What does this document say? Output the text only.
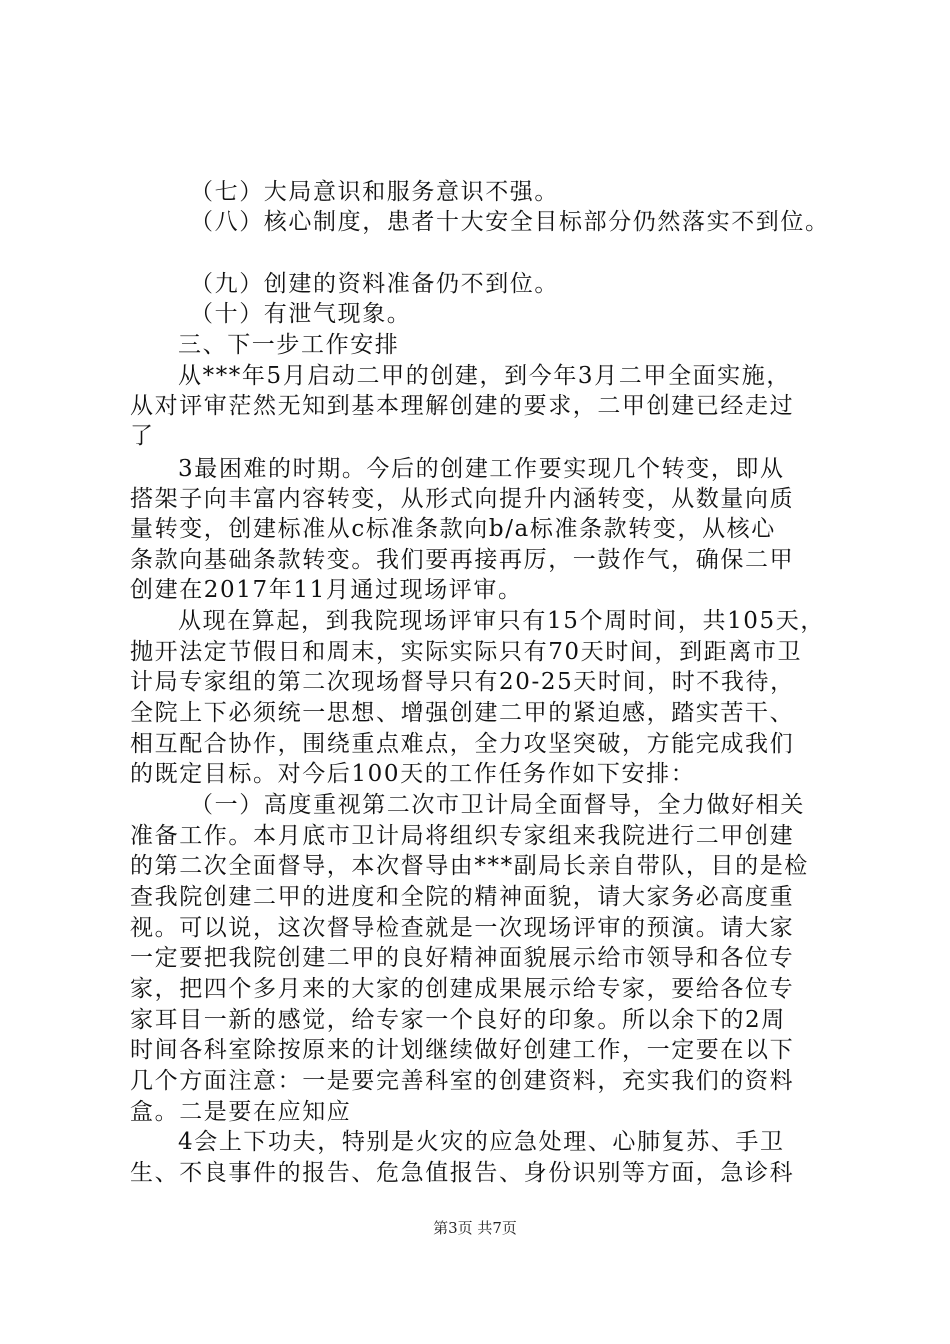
（七）大局意识和服务意识不强。
（八）核心制度，患者十大安全目标部分仍然落实不到位。
（九）创建的资料准备仍不到位。
（十）有泄气现象。
三、下一步工作安排
从***年5月启动二甲的创建，到今年3月二甲全面实施，
从对评审茫然无知到基本理解创建的要求，二甲创建已经走过
了
3最困难的时期。今后的创建工作要实现几个转变，即从
搭架子向丰富内容转变，从形式向提升内涵转变，从数量向质
量转变，创建标准从c标准条款向b/a标准条款转变，从核心
条款向基础条款转变。我们要再接再厉，一鼓作气，确保二甲
创建在2017年11月通过现场评审。
从现在算起，到我院现场评审只有15个周时间，共105天，
抛开法定节假日和周末，实际实际只有70天时间，到距离市卫
计局专家组的第二次现场督导只有20-25天时间，时不我待，
全院上下必须统一思想、增强创建二甲的紧迫感，踏实苦干、
相互配合协作，围绕重点难点，全力攻坚突破，方能完成我们
的既定目标。对今后100天的工作任务作如下安排：
（一）高度重视第二次市卫计局全面督导，全力做好相关
准备工作。本月底市卫计局将组织专家组来我院进行二甲创建
的第二次全面督导，本次督导由***副局长亲自带队，目的是检
查我院创建二甲的进度和全院的精神面貌，请大家务必高度重
视。可以说，这次督导检查就是一次现场评审的预演。请大家
一定要把我院创建二甲的良好精神面貌展示给市领导和各位专
家，把四个多月来的大家的创建成果展示给专家，要给各位专
家耳目一新的感觉，给专家一个良好的印象。所以余下的2周
时间各科室除按原来的计划继续做好创建工作，一定要在以下
几个方面注意：一是要完善科室的创建资料，充实我们的资料
盒。二是要在应知应
4会上下功夫，特别是火灾的应急处理、心肺复苏、手卫
生、不良事件的报告、危急值报告、身份识别等方面，急诊科
第3页 共7页
